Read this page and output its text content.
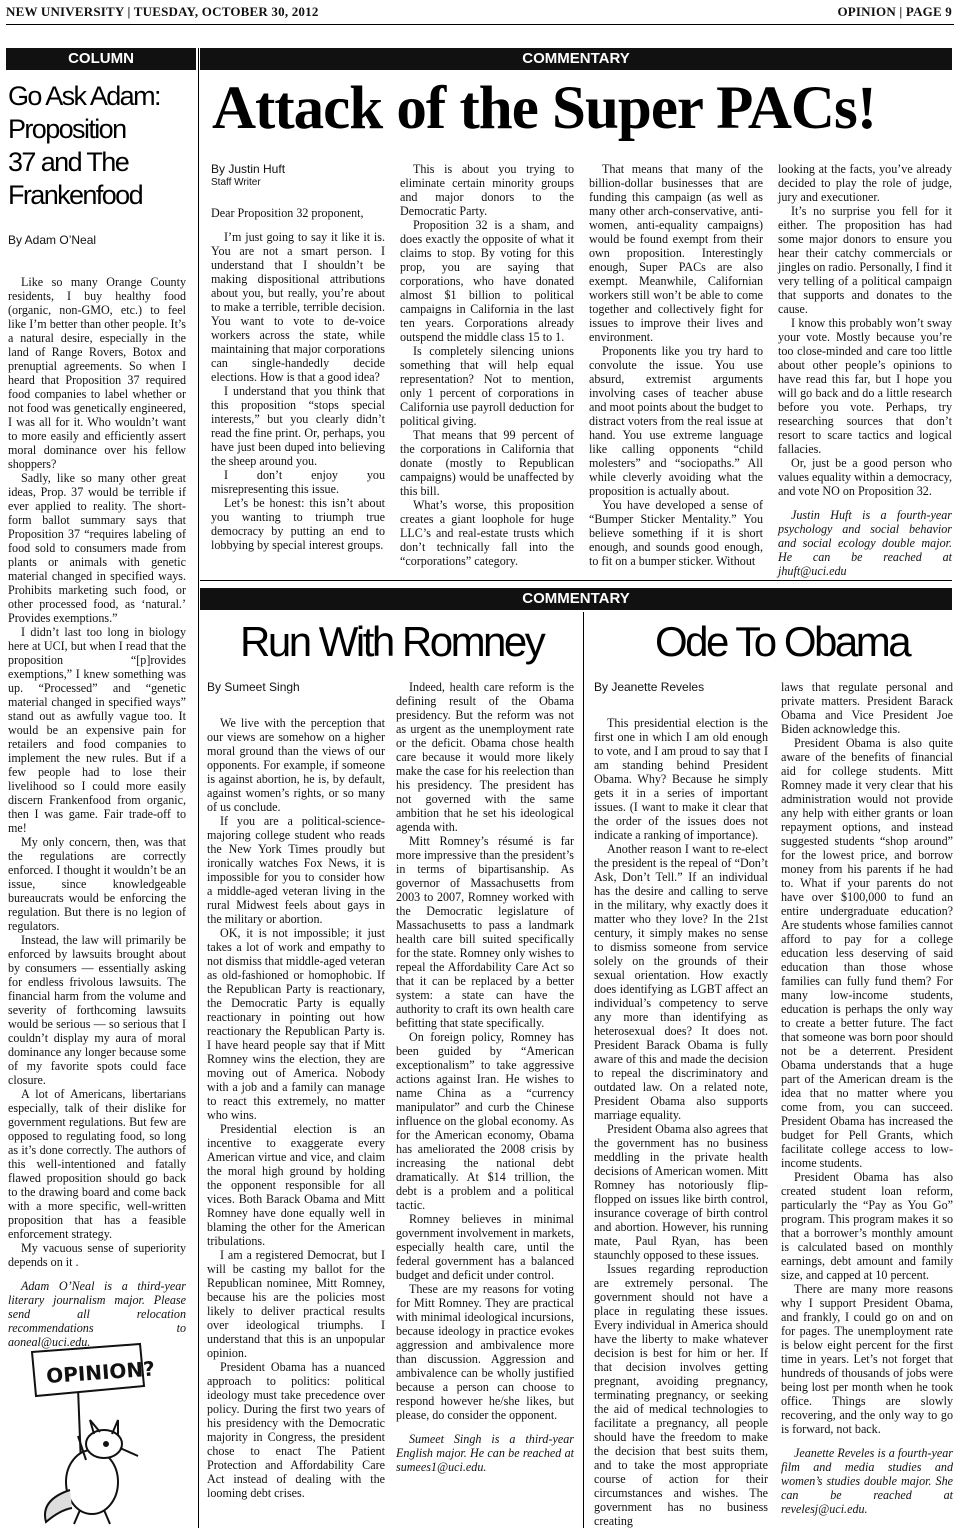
NEW UNIVERSITY | TUESDAY, OCTOBER 30, 2012	OPINION | PAGE 9
COLUMN	COMMENTARY
COMMENTARY
Go Ask Adam:
Proposition
37 and The
Frankenfood
By Adam O’Neal

Like so many Orange County residents, I buy healthy food (organic, non-GMO, etc.) to feel like I’m better than other people. It’s a natural desire, especially in the land of Range Rovers, Botox and prenuptial agreements. So when I heard that Proposition 37 required food companies to label whether or not food was genetically engineered, I was all for it. Who wouldn’t want to more easily and efficiently assert moral dominance over his fellow shoppers?

Sadly, like so many other great ideas, Prop. 37 would be terrible if ever applied to reality. The short-form ballot summary says that Proposition 37 “requires labeling of food sold to consumers made from plants or animals with genetic material changed in specified ways. Prohibits marketing such food, or other processed food, as ‘natural.’ Provides exemptions.”

I didn’t last too long in biology here at UCI, but when I read that the proposition “[p]rovides exemptions,” I knew something was up. “Processed” and “genetic material changed in specified ways” stand out as awfully vague too. It would be an expensive pain for retailers and food companies to implement the new rules. But if a few people had to lose their livelihood so I could more easily discern Frankenfood from organic, then I was game. Fair trade-off to me!

My only concern, then, was that the regulations are correctly enforced. I thought it wouldn’t be an issue, since knowledgeable bureaucrats would be enforcing the regulation. But there is no legion of regulators.

Instead, the law will primarily be enforced by lawsuits brought about by consumers — essentially asking for endless frivolous lawsuits. The financial harm from the volume and severity of forthcoming lawsuits would be serious — so serious that I couldn’t display my aura of moral dominance any longer because some of my favorite spots could face closure.

A lot of Americans, libertarians especially, talk of their dislike for government regulations. But few are opposed to regulating food, so long as it’s done correctly. The authors of this well-intentioned and fatally flawed proposition should go back to the drawing board and come back with a more specific, well-written proposition that has a feasible enforcement strategy.

My vacuous sense of superiority depends on it .

Adam O’Neal is a third-year literary journalism major. Please send all relocation recommendations to aoneal@uci.edu.

OPINION?
Attack of the Super PACs!
By Justin Huft
Staff Writer

Dear Proposition 32 proponent,

I’m just going to say it like it is. You are not a smart person. I understand that I shouldn’t be making dispositional attributions about you, but really, you’re about to make a terrible, terrible decision. You want to vote to de-voice workers across the state, while maintaining that major corporations can single-handedly decide elections. How is that a good idea?

I understand that you think that this proposition “stops special interests,” but you clearly didn’t read the fine print. Or, perhaps, you have just been duped into believing the sheep around you.

I don’t enjoy you misrepresenting this issue.

Let’s be honest: this isn’t about you wanting to triumph true democracy by putting an end to lobbying by special interest groups.

This is about you trying to eliminate certain minority groups and major donors to the Democratic Party.

Proposition 32 is a sham, and does exactly the opposite of what it claims to stop. By voting for this prop, you are saying that corporations, who have donated almost $1 billion to political campaigns in California in the last ten years. Corporations already outspend the middle class 15 to 1.

Is completely silencing unions something that will help equal representation? Not to mention, only 1 percent of corporations in California use payroll deduction for political giving.

That means that 99 percent of the corporations in California that donate (mostly to Republican campaigns) would be unaffected by this bill.

What’s worse, this proposition creates a giant loophole for huge LLC’s and real-estate trusts which don’t technically fall into the “corporations” category.

That means that many of the billion-dollar businesses that are funding this campaign (as well as many other arch-conservative, anti-women, anti-equality campaigns) would be found exempt from their own proposition. Interestingly enough, Super PACs are also exempt. Meanwhile, Californian workers still won’t be able to come together and collectively fight for issues to improve their lives and environment.

Proponents like you try hard to convolute the issue. You use absurd, extremist arguments involving cases of teacher abuse and moot points about the budget to distract voters from the real issue at hand. You use extreme language like calling opponents “child molesters” and “sociopaths.” All while cleverly avoiding what the proposition is actually about.

You have developed a sense of “Bumper Sticker Mentality.” You believe something if it is short enough, and sounds good enough, to fit on a bumper sticker. Without

looking at the facts, you’ve already decided to play the role of judge, jury and executioner.

It’s no surprise you fell for it either. The proposition has had some major donors to ensure you hear their catchy commercials or jingles on radio. Personally, I find it very telling of a political campaign that supports and donates to the cause.

I know this probably won’t sway your vote. Mostly because you’re too close-minded and care too little about other people’s opinions to have read this far, but I hope you will go back and do a little research before you vote. Perhaps, try researching sources that don’t resort to scare tactics and logical fallacies.

Or, just be a good person who values equality within a democracy, and vote NO on Proposition 32.

Justin Huft is a fourth-year psychology and social behavior and social ecology double major. He can be reached at jhuft@uci.edu

Run With Romney
By Sumeet Singh

We live with the perception that our views are somehow on a higher moral ground than the views of our opponents. For example, if someone is against abortion, he is, by default, against women’s rights, or so many of us conclude.

If you are a political-science-majoring college student who reads the New York Times proudly but ironically watches Fox News, it is impossible for you to consider how a middle-aged veteran living in the rural Midwest feels about gays in the military or abortion.

OK, it is not impossible; it just takes a lot of work and empathy to not dismiss that middle-aged veteran as old-fashioned or homophobic. If the Republican Party is reactionary, the Democratic Party is equally reactionary in pointing out how reactionary the Republican Party is. I have heard people say that if Mitt Romney wins the election, they are moving out of America. Nobody with a job and a family can manage to react this extremely, no matter who wins.

Presidential election is an incentive to exaggerate every American virtue and vice, and claim the moral high ground by holding the opponent responsible for all vices. Both Barack Obama and Mitt Romney have done equally well in blaming the other for the American tribulations.

I am a registered Democrat, but I will be casting my ballot for the Republican nominee, Mitt Romney, because his are the policies most likely to deliver practical results over ideological triumphs. I understand that this is an unpopular opinion.

President Obama has a nuanced approach to politics: political ideology must take precedence over policy. During the first two years of his presidency with the Democratic majority in Congress, the president chose to enact The Patient Protection and Affordability Care Act instead of dealing with the looming debt crises.

Indeed, health care reform is the defining result of the Obama presidency. But the reform was not as urgent as the unemployment rate or the deficit. Obama chose health care because it would more likely make the case for his reelection than his presidency. The president has not governed with the same ambition that he set his ideological agenda with.

Mitt Romney’s résumé is far more impressive than the president’s in terms of bipartisanship. As governor of Massachusetts from 2003 to 2007, Romney worked with the Democratic legislature of Massachusetts to pass a landmark health care bill suited specifically for the state. Romney only wishes to repeal the Affordability Care Act so that it can be replaced by a better system: a state can have the authority to craft its own health care befitting that state specifically.

On foreign policy, Romney has been guided by “American exceptionalism” to take aggressive actions against Iran. He wishes to name China as a “currency manipulator” and curb the Chinese influence on the global economy. As for the American economy, Obama has ameliorated the 2008 crisis by increasing the national debt dramatically. At $14 trillion, the debt is a problem and a political tactic.

Romney believes in minimal government involvement in markets, especially health care, until the federal government has a balanced budget and deficit under control.

These are my reasons for voting for Mitt Romney. They are practical with minimal ideological incursions, because ideology in practice evokes aggression and ambivalence more than discussion. Aggression and ambivalence can be wholly justified because a person can choose to respond however he/she likes, but please, do consider the opponent.

Sumeet Singh is a third-year English major. He can be reached at sumees1@uci.edu.

Ode To Obama
By Jeanette Reveles

This presidential election is the first one in which I am old enough to vote, and I am proud to say that I am standing behind President Obama. Why? Because he simply gets it in a series of important issues. (I want to make it clear that the order of the issues does not indicate a ranking of importance).

Another reason I want to re-elect the president is the repeal of “Don’t Ask, Don’t Tell.” If an individual has the desire and calling to serve in the military, why exactly does it matter who they love? In the 21st century, it simply makes no sense to dismiss someone from service solely on the grounds of their sexual orientation. How exactly does identifying as LGBT affect an individual’s competency to serve any more than identifying as heterosexual does? It does not. President Barack Obama is fully aware of this and made the decision to repeal the discriminatory and outdated law. On a related note, President Obama also supports marriage equality.

President Obama also agrees that the government has no business meddling in the private health decisions of American women. Mitt Romney has notoriously flip-flopped on issues like birth control, insurance coverage of birth control and abortion. However, his running mate, Paul Ryan, has been staunchly opposed to these issues.

Issues regarding reproduction are extremely personal. The government should not have a place in regulating these issues. Every individual in America should have the liberty to make whatever decision is best for him or her. If that decision involves getting pregnant, avoiding pregnancy, terminating pregnancy, or seeking the aid of medical technologies to facilitate a pregnancy, all people should have the freedom to make the decision that best suits them, and to take the most appropriate course of action for their circumstances and wishes. The government has no business creating

laws that regulate personal and private matters. President Barack Obama and Vice President Joe Biden acknowledge this.

President Obama is also quite aware of the benefits of financial aid for college students. Mitt Romney made it very clear that his administration would not provide any help with either grants or loan repayment options, and instead suggested students “shop around” for the lowest price, and borrow money from his parents if he had to. What if your parents do not have over $100,000 to fund an entire undergraduate education? Are students whose families cannot afford to pay for a college education less deserving of said education than those whose families can fully fund them? For many low-income students, education is perhaps the only way to create a better future. The fact that someone was born poor should not be a deterrent. President Obama understands that a huge part of the American dream is the idea that no matter where you come from, you can succeed. President Obama has increased the budget for Pell Grants, which facilitate college access to low-income students.

President Obama has also created student loan reform, particularly the “Pay as You Go” program. This program makes it so that a borrower’s monthly amount is calculated based on monthly earnings, debt amount and family size, and capped at 10 percent.

There are many more reasons why I support President Obama, and frankly, I could go on and on for pages. The unemployment rate is below eight percent for the first time in years. Let’s not forget that hundreds of thousands of jobs were being lost per month when he took office. Things are slowly recovering, and the only way to go is forward, not back.

Jeanette Reveles is a fourth-year film and media studies and women’s studies double major. She can be reached at revelesj@uci.edu.
